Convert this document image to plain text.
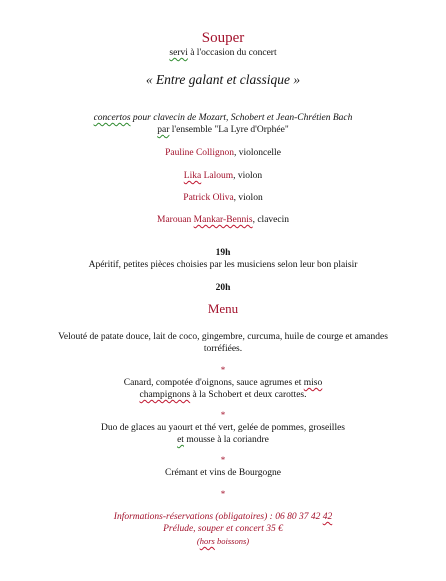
Souper
servi à l'occasion du concert
« Entre galant et classique »
concertos pour clavecin de Mozart, Schobert et Jean-Chrétien Bach
par l'ensemble "La Lyre d'Orphée"
Pauline Collignon, violoncelle
Lika Laloum, violon
Patrick Oliva, violon
Marouan Mankar-Bennis, clavecin
19h
Apéritif, petites pièces choisies par les musiciens selon leur bon plaisir
20h
Menu
Velouté de patate douce, lait de coco, gingembre, curcuma, huile de courge et amandes
torréfiées.
*
Canard, compotée d'oignons, sauce agrumes et miso
champignons à la Schobert et deux carottes.
*
Duo de glaces au yaourt et thé vert, gelée de pommes, groseilles
et mousse à la coriandre
*
Crémant et vins de Bourgogne
*
Informations-réservations (obligatoires) : 06 80 37 42 42
Prélude, souper et concert 35 €
(hors boissons)
